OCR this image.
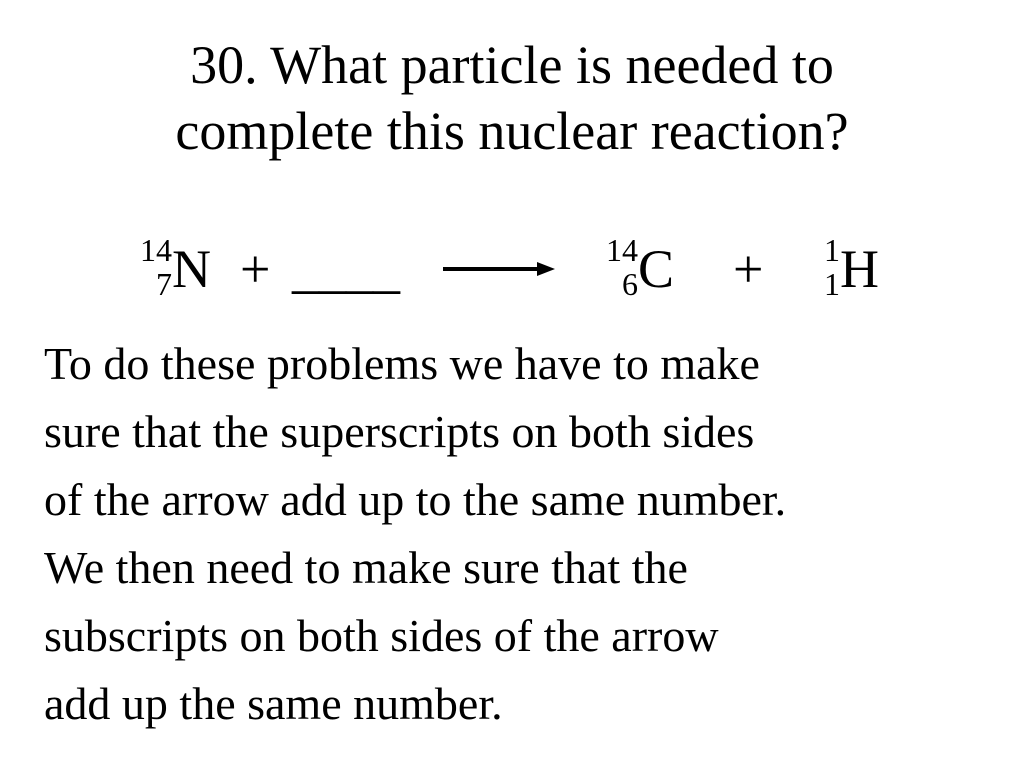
30. What particle is needed to
complete this nuclear reaction?
14
7 N + ____	14
6 C + 1
1 H
To do these problems we have to make
sure that the superscripts on both sides
of the arrow add up to the same number.
We then need to make sure that the
subscripts on both sides of the arrow
add up the same number.
